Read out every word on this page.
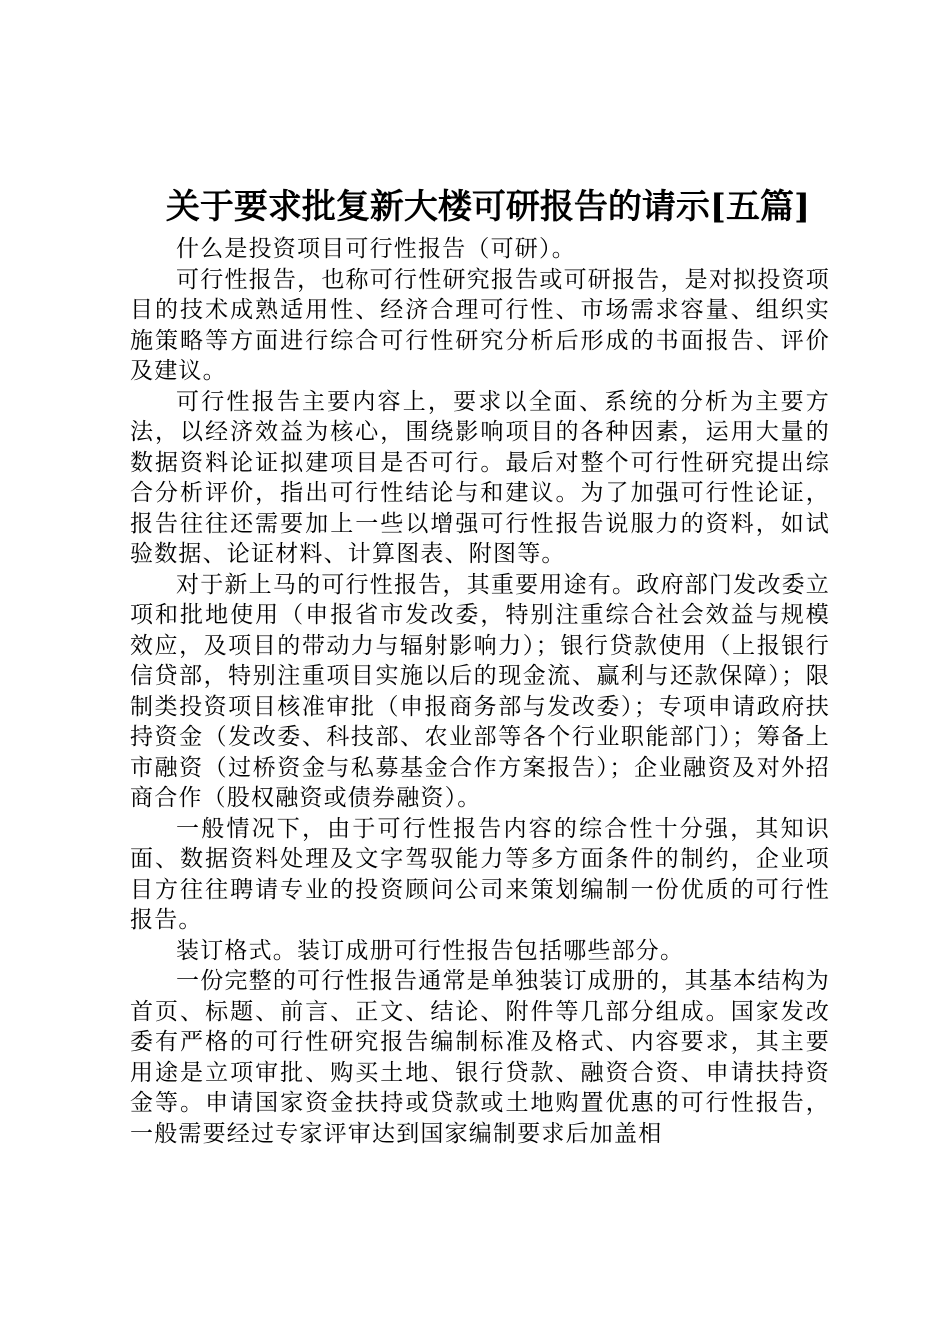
关于要求批复新大楼可研报告的请示[五篇]

什么是投资项目可行性报告（可研）。

可行性报告，也称可行性研究报告或可研报告，是对拟投资项目的技术成熟适用性、经济合理可行性、市场需求容量、组织实施策略等方面进行综合可行性研究分析后形成的书面报告、评价及建议。

可行性报告主要内容上，要求以全面、系统的分析为主要方法，以经济效益为核心，围绕影响项目的各种因素，运用大量的数据资料论证拟建项目是否可行。最后对整个可行性研究提出综合分析评价，指出可行性结论与和建议。为了加强可行性论证，报告往往还需要加上一些以增强可行性报告说服力的资料，如试验数据、论证材料、计算图表、附图等。

对于新上马的可行性报告，其重要用途有。政府部门发改委立项和批地使用（申报省市发改委，特别注重综合社会效益与规模效应，及项目的带动力与辐射影响力）；银行贷款使用（上报银行信贷部，特别注重项目实施以后的现金流、赢利与还款保障）；限制类投资项目核准审批（申报商务部与发改委）；专项申请政府扶持资金（发改委、科技部、农业部等各个行业职能部门）；筹备上市融资（过桥资金与私募基金合作方案报告）；企业融资及对外招商合作（股权融资或债券融资）。

一般情况下，由于可行性报告内容的综合性十分强，其知识面、数据资料处理及文字驾驭能力等多方面条件的制约，企业项目方往往聘请专业的投资顾问公司来策划编制一份优质的可行性报告。

装订格式。装订成册可行性报告包括哪些部分。

一份完整的可行性报告通常是单独装订成册的，其基本结构为首页、标题、前言、正文、结论、附件等几部分组成。国家发改委有严格的可行性研究报告编制标准及格式、内容要求，其主要用途是立项审批、购买土地、银行贷款、融资合资、申请扶持资金等。申请国家资金扶持或贷款或土地购置优惠的可行性报告，一般需要经过专家评审达到国家编制要求后加盖相
